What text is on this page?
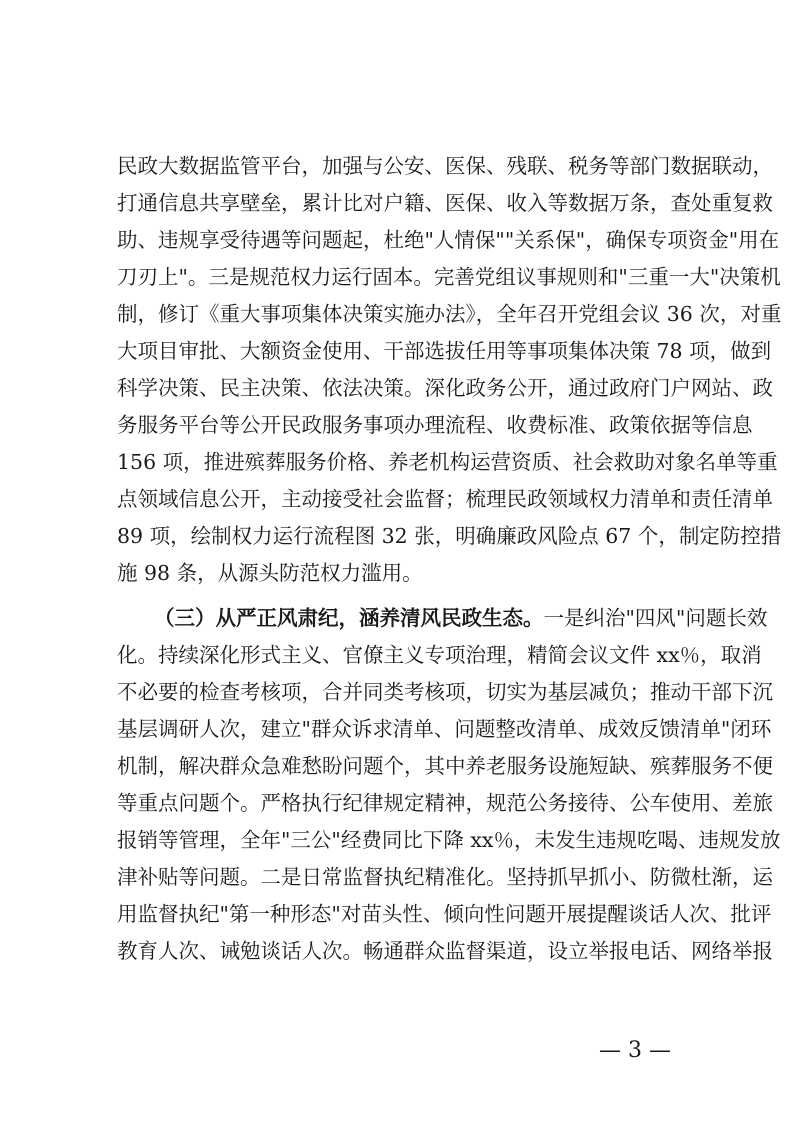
民政大数据监管平台，加强与公安、医保、残联、税务等部门数据联动，
打通信息共享壁垒，累计比对户籍、医保、收入等数据万条，查处重复救
助、违规享受待遇等问题起，杜绝"人情保""关系保"，确保专项资金"用在
刀刃上"。三是规范权力运行固本。完善党组议事规则和"三重一大"决策机
制，修订《重大事项集体决策实施办法》，全年召开党组会议 36 次，对重
大项目审批、大额资金使用、干部选拔任用等事项集体决策 78 项，做到
科学决策、民主决策、依法决策。深化政务公开，通过政府门户网站、政
务服务平台等公开民政服务事项办理流程、收费标准、政策依据等信息
156 项，推进殡葬服务价格、养老机构运营资质、社会救助对象名单等重
点领域信息公开，主动接受社会监督；梳理民政领域权力清单和责任清单
89 项，绘制权力运行流程图 32 张，明确廉政风险点 67 个，制定防控措
施 98 条，从源头防范权力滥用。
（三）从严正风肃纪，涵养清风民政生态。一是纠治"四风"问题长效
化。持续深化形式主义、官僚主义专项治理，精简会议文件 xx％，取消
不必要的检查考核项，合并同类考核项，切实为基层减负；推动干部下沉
基层调研人次，建立"群众诉求清单、问题整改清单、成效反馈清单"闭环
机制，解决群众急难愁盼问题个，其中养老服务设施短缺、殡葬服务不便
等重点问题个。严格执行纪律规定精神，规范公务接待、公车使用、差旅
报销等管理，全年"三公"经费同比下降 xx％，未发生违规吃喝、违规发放
津补贴等问题。二是日常监督执纪精准化。坚持抓早抓小、防微杜渐，运
用监督执纪"第一种形态"对苗头性、倾向性问题开展提醒谈话人次、批评
教育人次、诫勉谈话人次。畅通群众监督渠道，设立举报电话、网络举报
— 3 —
